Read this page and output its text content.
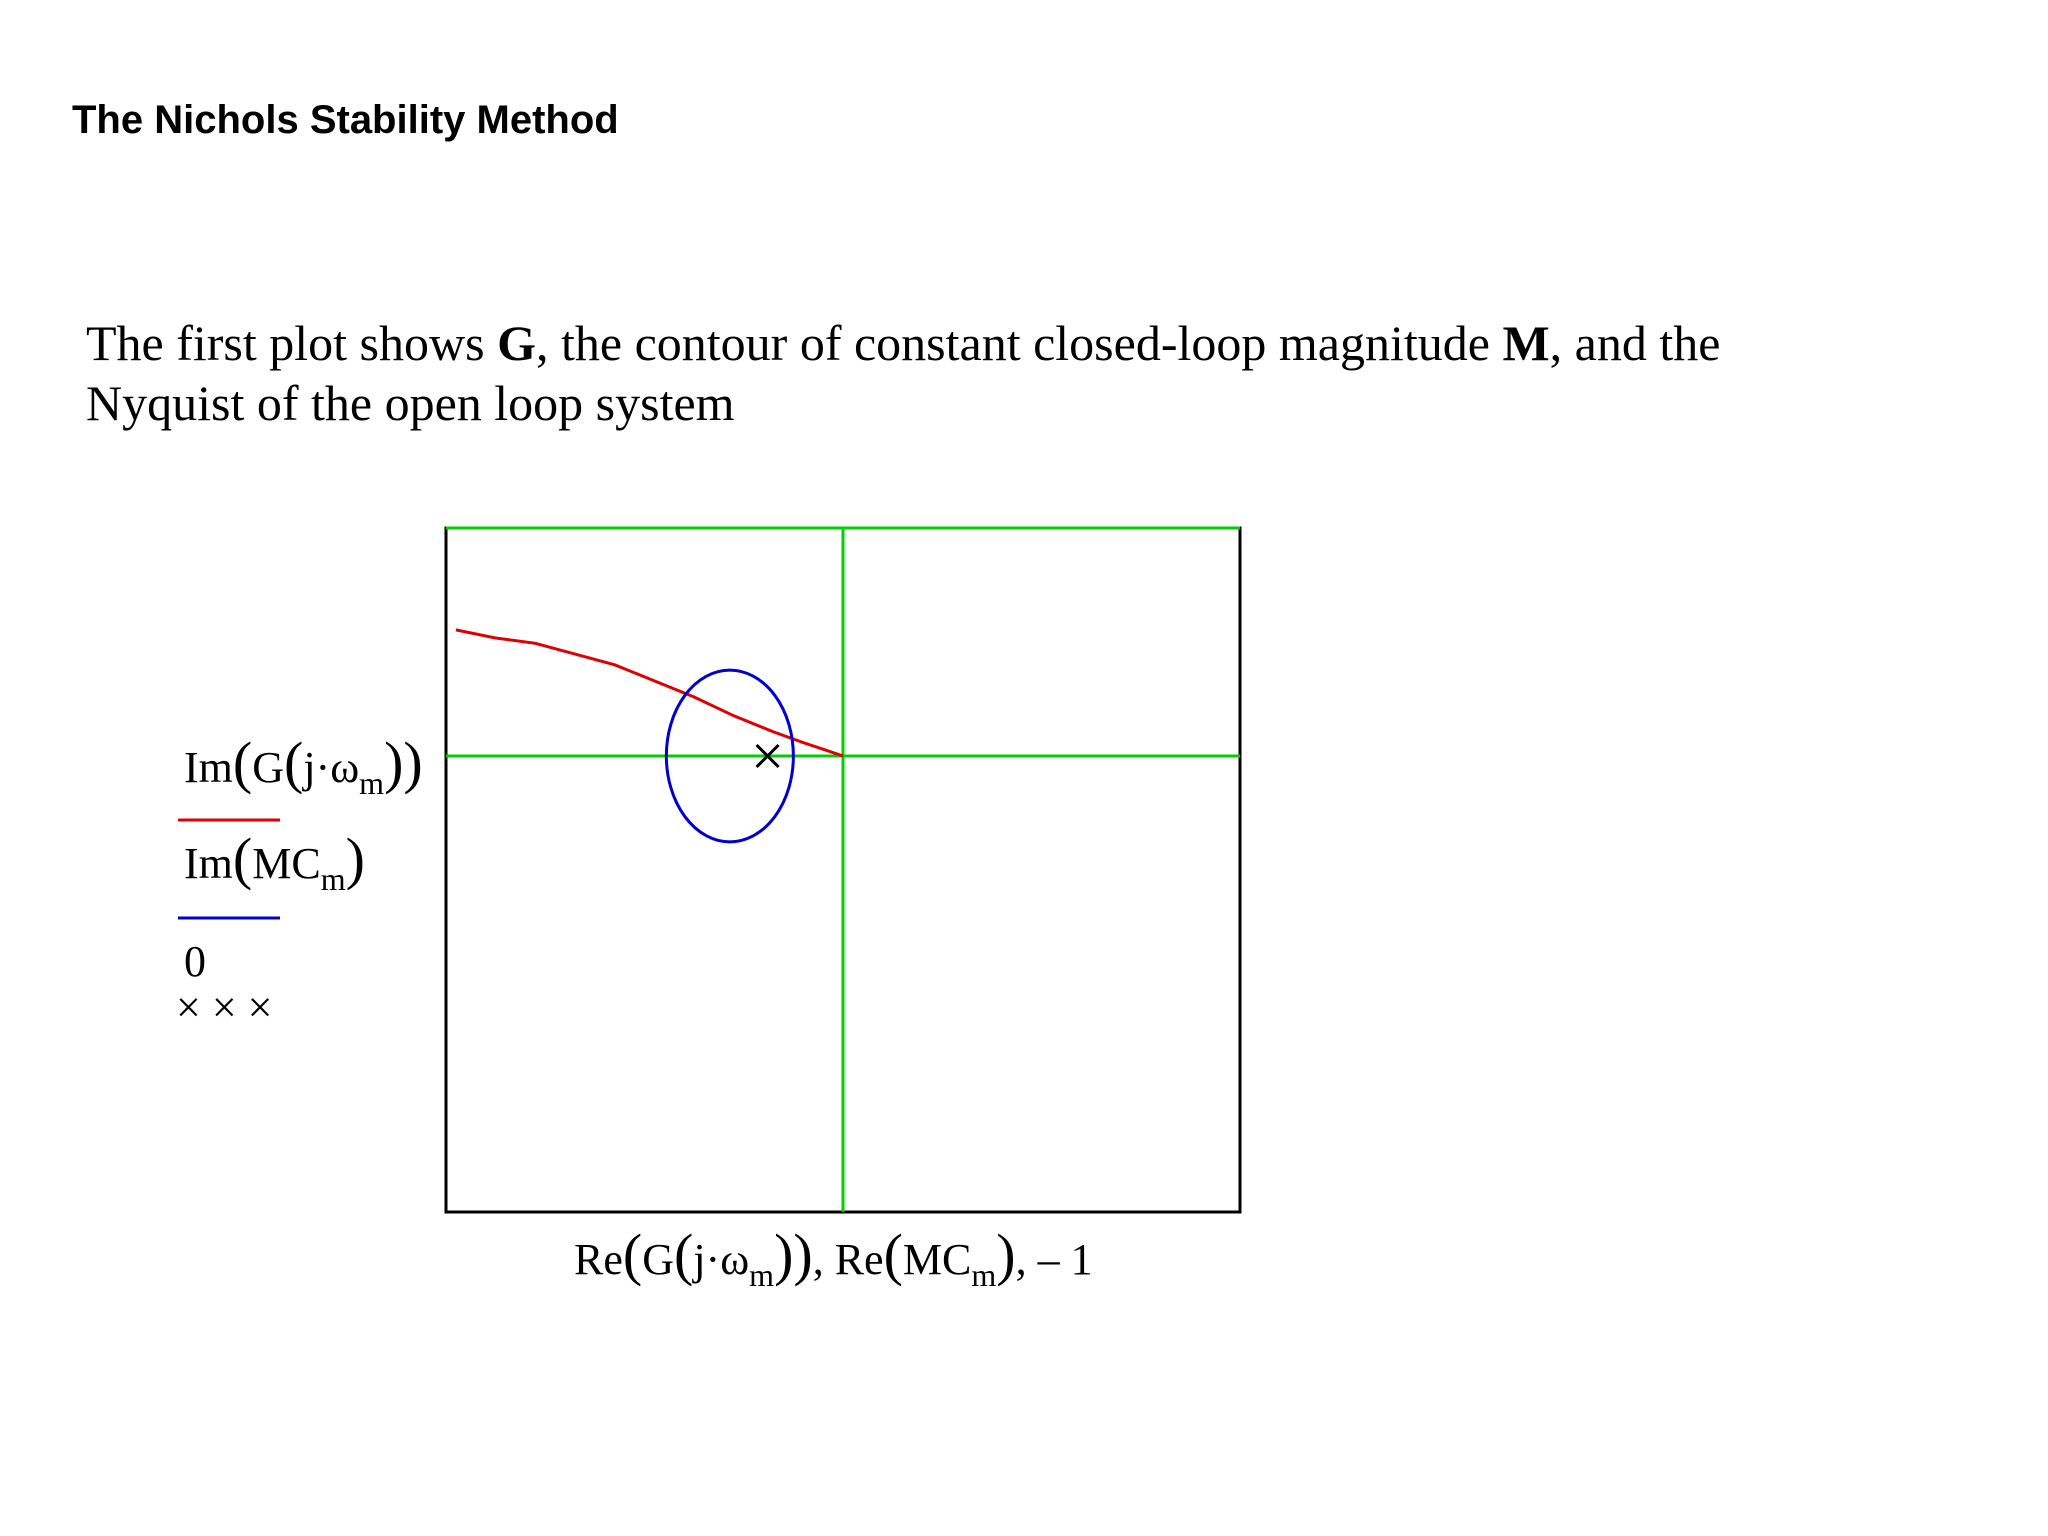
The Nichols Stability Method
The first plot shows G, the contour of constant closed-loop magnitude M, and the
Nyquist of the open loop system
$Im(G(j\cdot\omega_m))$
$Im(MC_m)$
0
× × ×
$Re(G(j\cdot\omega_m))$, $Re(MC_m)$, – 1
